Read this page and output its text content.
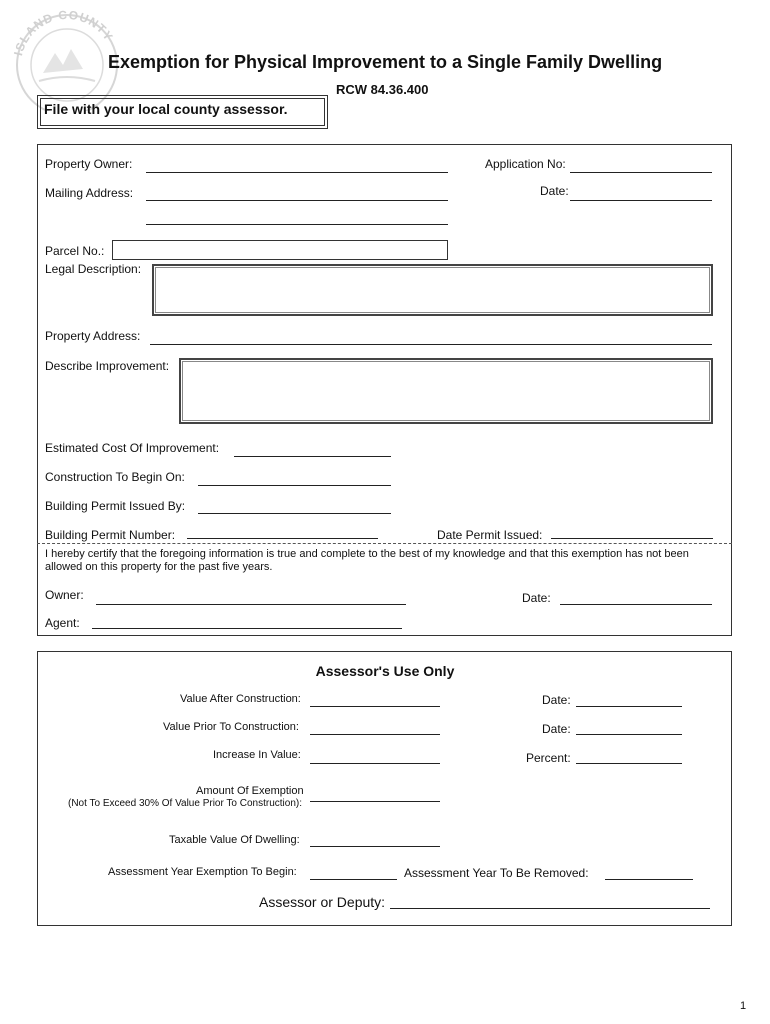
ISLAND COUNTY
Exemption for Physical Improvement to a Single Family Dwelling
RCW 84.36.400
File with your local county assessor.
Property Owner:	Application No:
Mailing Address:	Date:
Parcel No.:
Legal Description:
Property Address:
Describe Improvement:
Estimated Cost Of Improvement:
Construction To Begin On:
Building Permit Issued By:
Building Permit Number:	Date Permit Issued:
I hereby certify that the foregoing information is true and complete to the best of my knowledge and that this exemption has not been allowed on this property for the past five years.
Owner:	Date:
Agent:
Assessor's Use Only
Value After Construction:	Date:
Value Prior To Construction:	Date:
Increase In Value:	Percent:
Amount Of Exemption
(Not To Exceed 30% Of Value Prior To Construction):
Taxable Value Of Dwelling:
Assessment Year Exemption To Begin:	Assessment Year To Be Removed:
Assessor or Deputy:
1
